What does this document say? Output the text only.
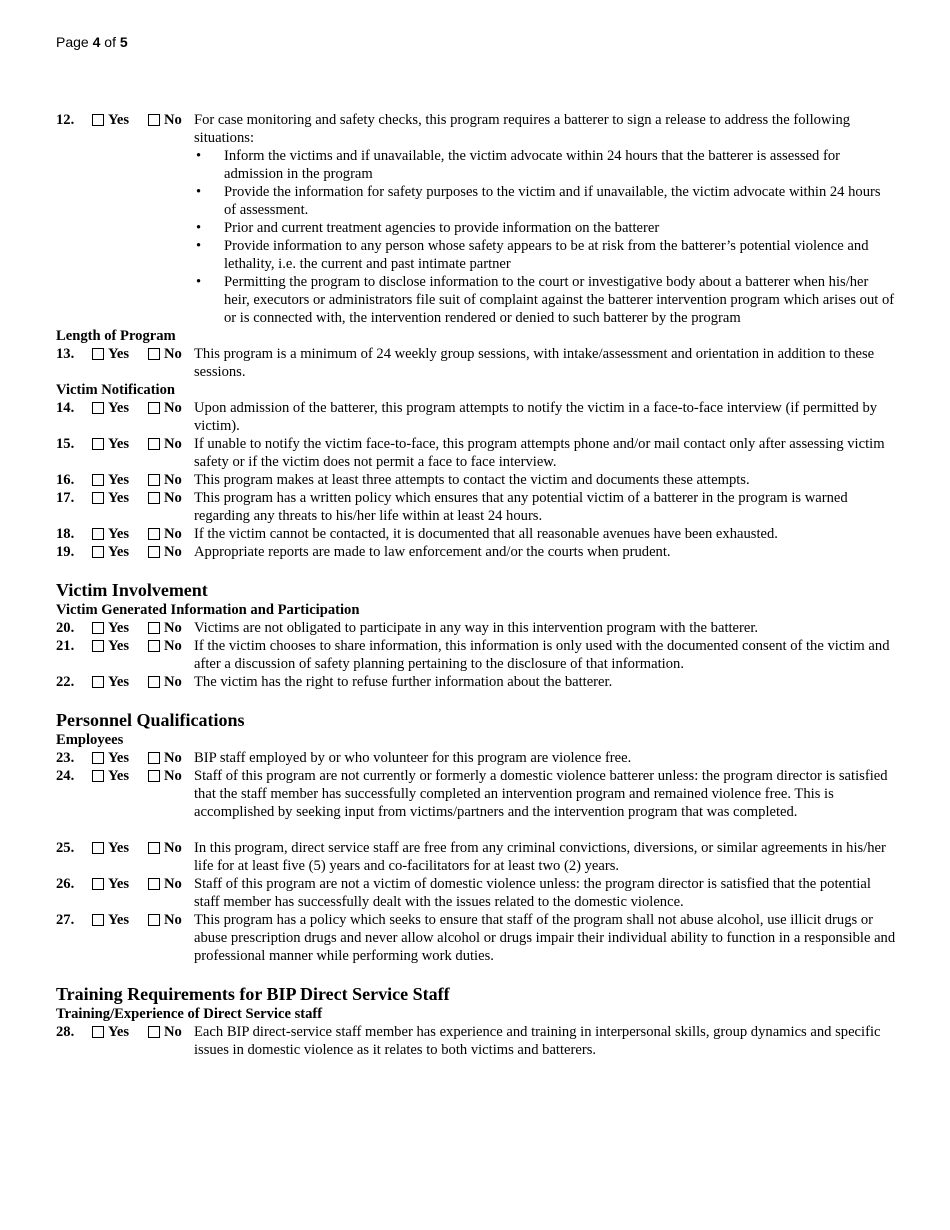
Page 4 of 5
12.	Yes No For case monitoring and safety checks, this program requires a batterer to sign a release to address the following situations:
• Inform the victims and if unavailable, the victim advocate within 24 hours that the batterer is assessed for admission in the program
• Provide the information for safety purposes to the victim and if unavailable, the victim advocate within 24 hours of assessment.
• Prior and current treatment agencies to provide information on the batterer
• Provide information to any person whose safety appears to be at risk from the batterer’s potential violence and lethality, i.e. the current and past intimate partner
• Permitting the program to disclose information to the court or investigative body about a batterer when his/her heir, executors or administrators file suit of complaint against the batterer intervention program which arises out of or is connected with, the intervention rendered or denied to such batterer by the program
Length of Program
13.	Yes No This program is a minimum of 24 weekly group sessions, with intake/assessment and orientation in addition to these sessions.
Victim Notification
14.	Yes No Upon admission of the batterer, this program attempts to notify the victim in a face-to-face interview (if permitted by victim).
15.	Yes No If unable to notify the victim face-to-face, this program attempts phone and/or mail contact only after assessing victim safety or if the victim does not permit a face to face interview.
16.	Yes No This program makes at least three attempts to contact the victim and documents these attempts.
17.	Yes No This program has a written policy which ensures that any potential victim of a batterer in the program is warned regarding any threats to his/her life within at least 24 hours.
18.	Yes No If the victim cannot be contacted, it is documented that all reasonable avenues have been exhausted.
19.	Yes No Appropriate reports are made to law enforcement and/or the courts when prudent.
Victim Involvement
Victim Generated Information and Participation
20.	Yes No Victims are not obligated to participate in any way in this intervention program with the batterer.
21.	Yes No If the victim chooses to share information, this information is only used with the documented consent of the victim and after a discussion of safety planning pertaining to the disclosure of that information.
22.	Yes No The victim has the right to refuse further information about the batterer.
Personnel Qualifications
Employees
23.	Yes No BIP staff employed by or who volunteer for this program are violence free.
24.	Yes No Staff of this program are not currently or formerly a domestic violence batterer unless: the program director is satisfied that the staff member has successfully completed an intervention program and remained violence free. This is accomplished by seeking input from victims/partners and the intervention program that was completed.
25.	Yes No In this program, direct service staff are free from any criminal convictions, diversions, or similar agreements in his/her life for at least five (5) years and co-facilitators for at least two (2) years.
26.	Yes No Staff of this program are not a victim of domestic violence unless: the program director is satisfied that the potential staff member has successfully dealt with the issues related to the domestic violence.
27.	Yes No This program has a policy which seeks to ensure that staff of the program shall not abuse alcohol, use illicit drugs or abuse prescription drugs and never allow alcohol or drugs impair their individual ability to function in a responsible and professional manner while performing work duties.
Training Requirements for BIP Direct Service Staff
Training/Experience of Direct Service staff
28.	Yes No Each BIP direct-service staff member has experience and training in interpersonal skills, group dynamics and specific issues in domestic violence as it relates to both victims and batterers.
